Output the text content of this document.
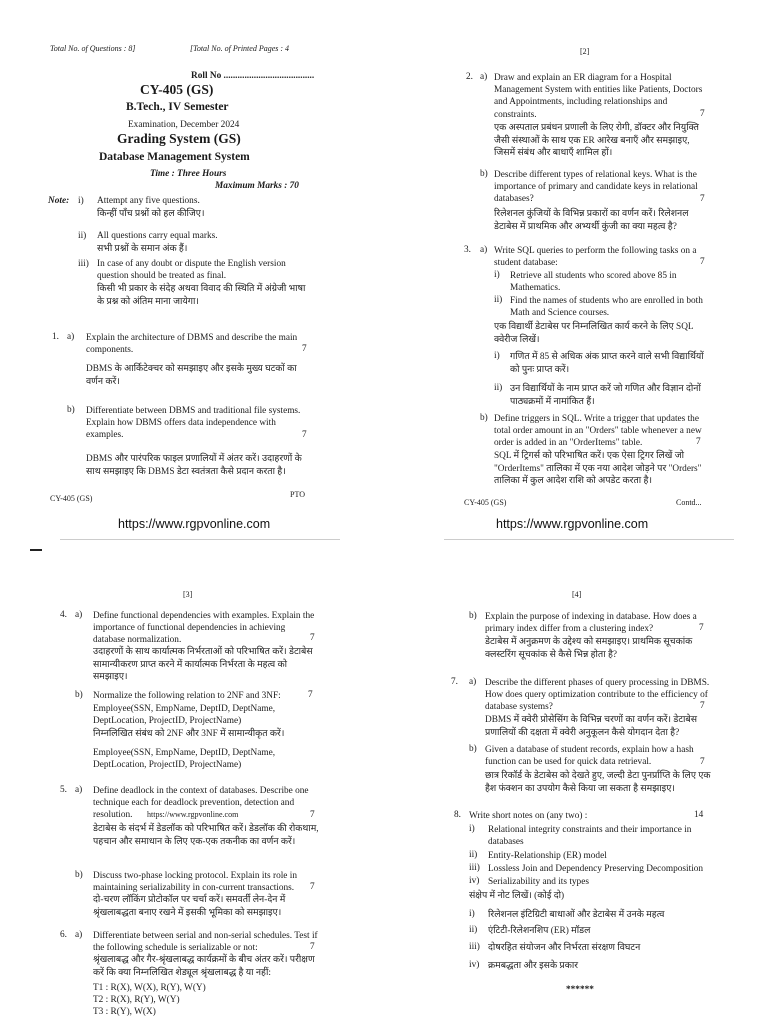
Total No. of Questions : 8]	[Total No. of Printed Pages : 4
Roll No .......................................
CY-405 (GS)
B.Tech., IV Semester
Examination, December 2024
Grading System (GS)
Database Management System
Time : Three Hours
Maximum Marks : 70
Note: i) Attempt any five questions.
किन्हीं पाँच प्रश्नों को हल कीजिए।
ii) All questions carry equal marks.
सभी प्रश्नों के समान अंक हैं।
iii) In case of any doubt or dispute the English version question should be treated as final.
किसी भी प्रकार के संदेह अथवा विवाद की स्थिति में अंग्रेजी भाषा के प्रश्न को अंतिम माना जायेगा।
1. a) Explain the architecture of DBMS and describe the main components.	7
DBMS के आर्किटेक्चर को समझाइए और इसके मुख्य घटकों का वर्णन करें।
b) Differentiate between DBMS and traditional file systems. Explain how DBMS offers data independence with examples.	7
DBMS और पारंपरिक फाइल प्रणालियों में अंतर करें। उदाहरणों के साथ समझाइए कि DBMS डेटा स्वतंत्रता कैसे प्रदान करता है।
CY-405 (GS)	PTO
https://www.rgpvonline.com
[2]
2. a) Draw and explain an ER diagram for a Hospital Management System with entities like Patients, Doctors and Appointments, including relationships and constraints.	7
एक अस्पताल प्रबंधन प्रणाली के लिए रोगी, डॉक्टर और नियुक्ति जैसी संस्थाओं के साथ एक ER आरेख बनाएँ और समझाइए, जिसमें संबंध और बाधाएँ शामिल हों।
b) Describe different types of relational keys. What is the importance of primary and candidate keys in relational databases?	7
रिलेशनल कुंजियों के विभिन्न प्रकारों का वर्णन करें। रिलेशनल डेटाबेस में प्राथमिक और अभ्यर्थी कुंजी का क्या महत्व है?
3. a) Write SQL queries to perform the following tasks on a student database:	7
i) Retrieve all students who scored above 85 in Mathematics.
ii) Find the names of students who are enrolled in both Math and Science courses.
एक विद्यार्थी डेटाबेस पर निम्नलिखित कार्य करने के लिए SQL क्वेरीज लिखें।
i) गणित में 85 से अधिक अंक प्राप्त करने वाले सभी विद्यार्थियों को पुनः प्राप्त करें।
ii) उन विद्यार्थियों के नाम प्राप्त करें जो गणित और विज्ञान दोनों पाठ्यक्रमों में नामांकित हैं।
b) Define triggers in SQL. Write a trigger that updates the total order amount in an "Orders" table whenever a new order is added in an "OrderItems" table.	7
SQL में ट्रिगर्स को परिभाषित करें। एक ऐसा ट्रिगर लिखें जो "OrderItems" तालिका में एक नया आदेश जोड़ने पर "Orders" तालिका में कुल आदेश राशि को अपडेट करता है।
CY-405 (GS)	Contd...
https://www.rgpvonline.com
[3]
4. a) Define functional dependencies with examples. Explain the importance of functional dependencies in achieving database normalization.	7
उदाहरणों के साथ कार्यात्मक निर्भरताओं को परिभाषित करें। डेटाबेस सामान्यीकरण प्राप्त करने में कार्यात्मक निर्भरता के महत्व को समझाइए।
b) Normalize the following relation to 2NF and 3NF:	7
Employee(SSN, EmpName, DeptID, DeptName, DeptLocation, ProjectID, ProjectName)
निम्नलिखित संबंध को 2NF और 3NF में सामान्यीकृत करें।
Employee(SSN, EmpName, DeptID, DeptName, DeptLocation, ProjectID, ProjectName)
5. a) Define deadlock in the context of databases. Describe one technique each for deadlock prevention, detection and resolution.	https://www.rgpvonline.com	7
डेटाबेस के संदर्भ में डेडलॉक को परिभाषित करें। डेडलॉक की रोकथाम, पहचान और समाधान के लिए एक-एक तकनीक का वर्णन करें।
b) Discuss two-phase locking protocol. Explain its role in maintaining serializability in con-current transactions.	7
दो-चरण लॉकिंग प्रोटोकॉल पर चर्चा करें। समवर्ती लेन-देन में श्रृंखलाबद्धता बनाए रखने में इसकी भूमिका को समझाइए।
6. a) Differentiate between serial and non-serial schedules. Test if the following schedule is serializable or not:	7
श्रृंखलाबद्ध और गैर-श्रृंखलाबद्ध कार्यक्रमों के बीच अंतर करें। परीक्षण करें कि क्या निम्नलिखित शेड्यूल श्रृंखलाबद्ध है या नहीं:
T1 : R(X), W(X), R(Y), W(Y)
T2 : R(X), R(Y), W(Y)
T3 : R(Y), W(X)
[4]
b) Explain the purpose of indexing in database. How does a primary index differ from a clustering index?	7
डेटाबेस में अनुक्रमण के उद्देश्य को समझाइए। प्राथमिक सूचकांक क्लस्टरिंग सूचकांक से कैसे भिन्न होता है?
7. a) Describe the different phases of query processing in DBMS. How does query optimization contribute to the efficiency of database systems?	7
DBMS में क्वेरी प्रोसेसिंग के विभिन्न चरणों का वर्णन करें। डेटाबेस प्रणालियों की दक्षता में क्वेरी अनुकूलन कैसे योगदान देता है?
b) Given a database of student records, explain how a hash function can be used for quick data retrieval.	7
छात्र रिकॉर्ड के डेटाबेस को देखते हुए, जल्दी डेटा पुनर्प्राप्ति के लिए एक हैश फंक्शन का उपयोग कैसे किया जा सकता है समझाइए।
8. Write short notes on (any two) :	14
i) Relational integrity constraints and their importance in databases
ii) Entity-Relationship (ER) model
iii) Lossless Join and Dependency Preserving Decomposition
iv) Serializability and its types
संक्षेप में नोट लिखें। (कोई दो)
i) रिलेशनल इंटिग्रिटी बाधाओं और डेटाबेस में उनके महत्व
ii) एंटिटी-रिलेशनशिप (ER) मॉडल
iii) दोषरहित संयोजन और निर्भरता संरक्षण विघटन
iv) क्रमबद्धता और इसके प्रकार
******
